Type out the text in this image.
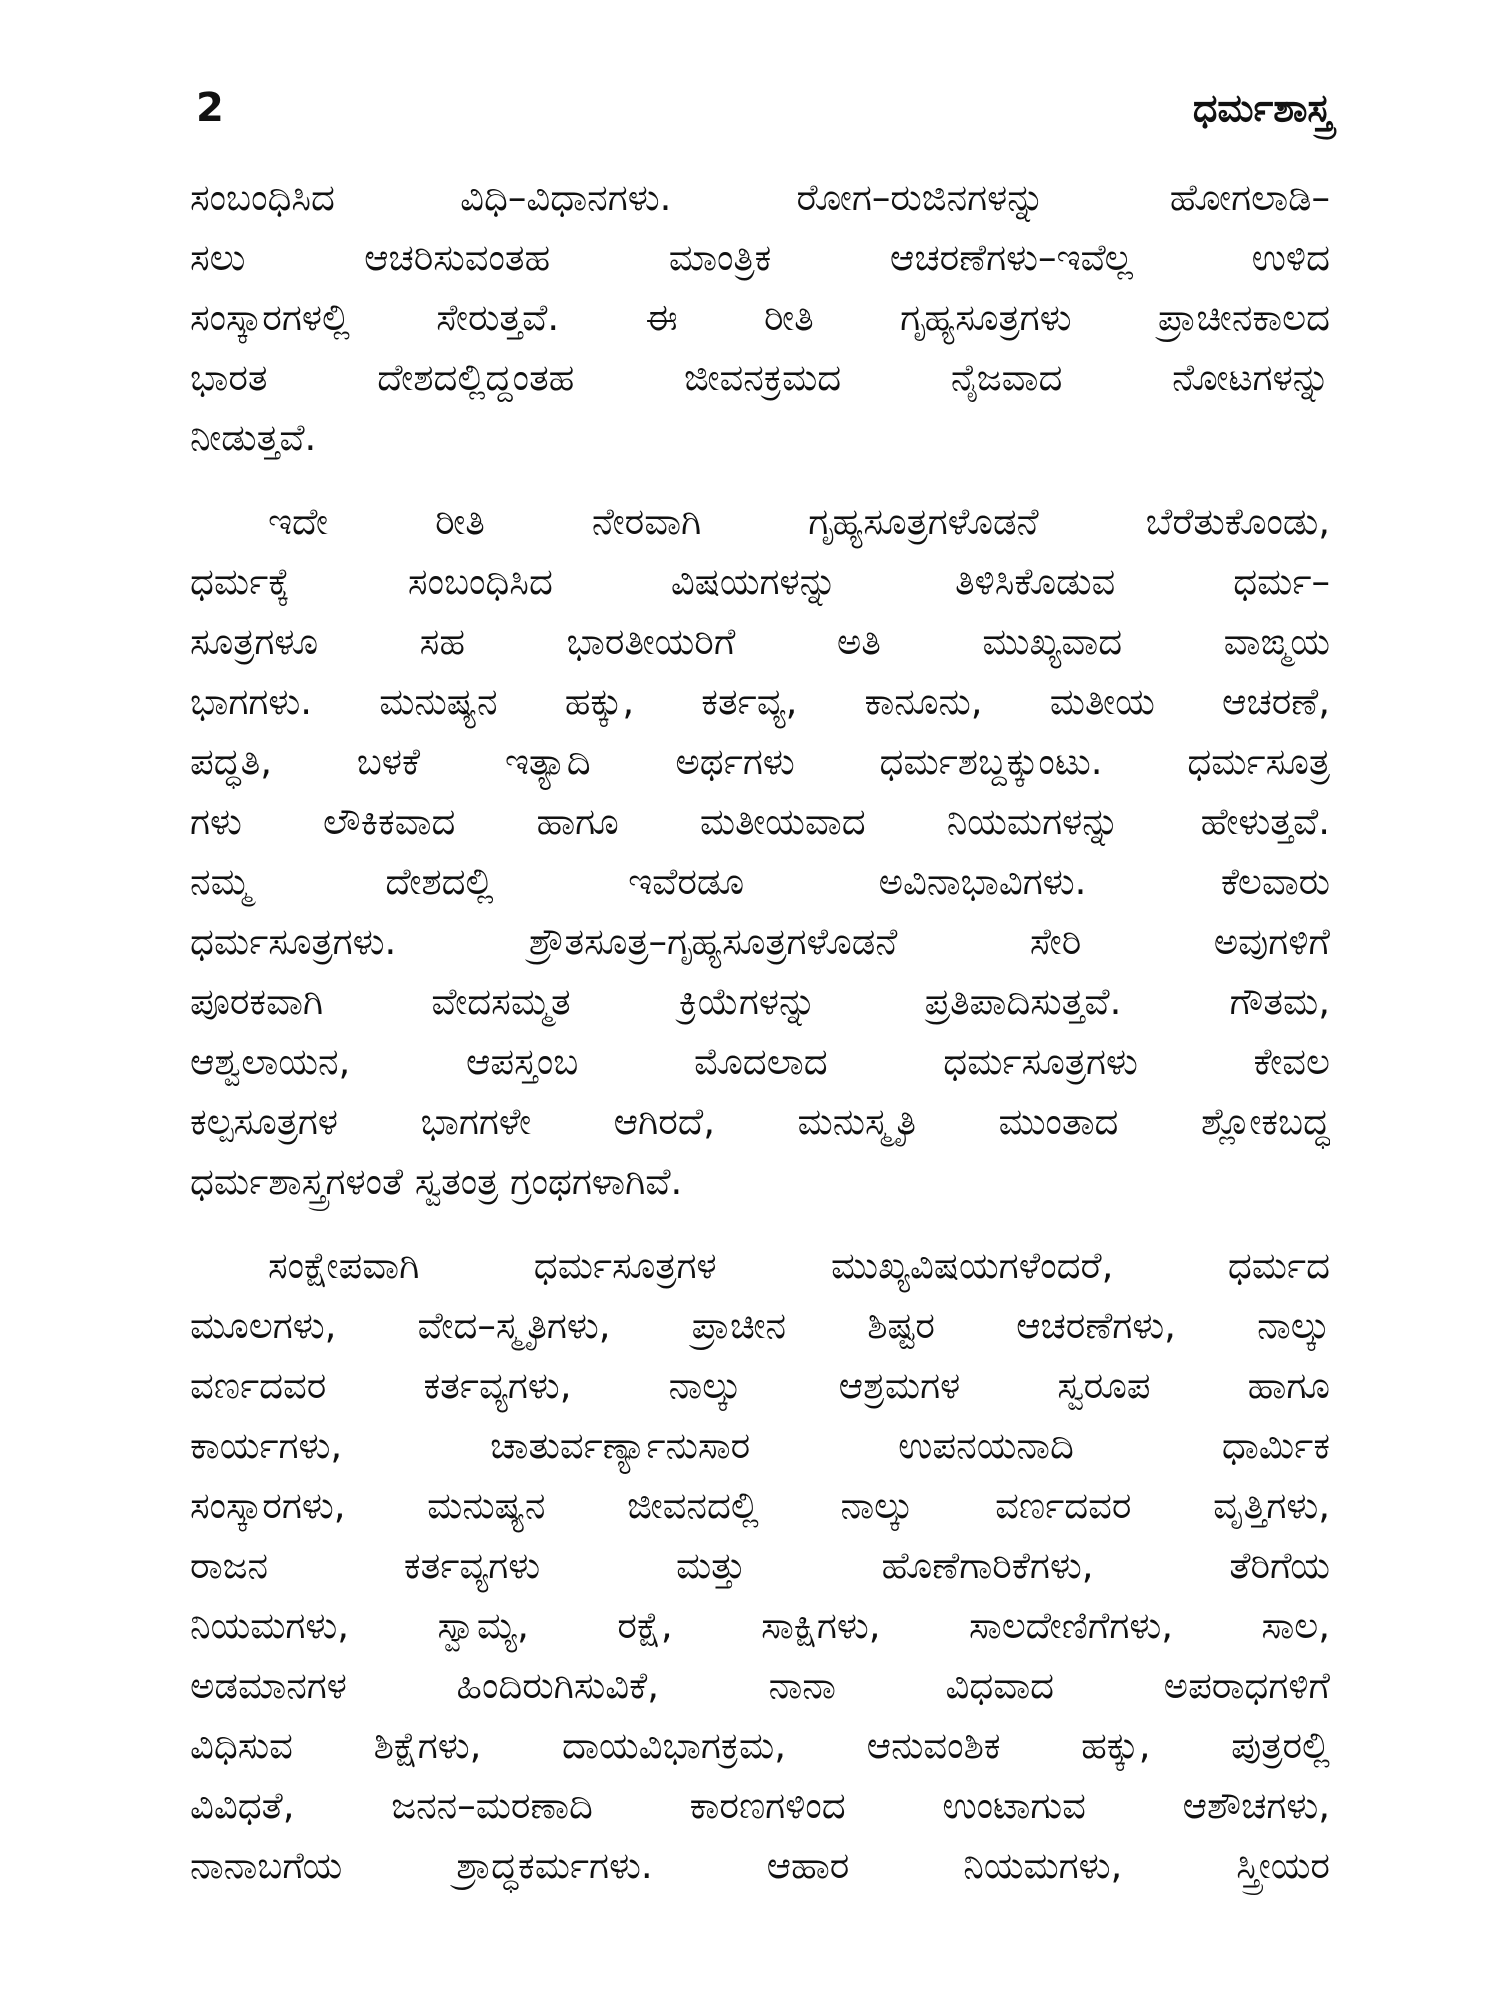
2	ಧರ್ಮಶಾಸ್ತ್ರ
ಸಂಬಂಧಿಸಿದ ವಿಧಿ–ವಿಧಾನಗಳು. ರೋಗ–ರುಜಿನಗಳನ್ನು ಹೋಗಲಾಡಿ–
ಸಲು ಆಚರಿಸುವಂತಹ ಮಾಂತ್ರಿಕ ಆಚರಣೆಗಳು–ಇವೆಲ್ಲ ಉಳಿದ
ಸಂಸ್ಕಾರಗಳಲ್ಲಿ ಸೇರುತ್ತವೆ. ಈ ರೀತಿ ಗೃಹ್ಯಸೂತ್ರಗಳು ಪ್ರಾಚೀನಕಾಲದ
ಭಾರತ ದೇಶದಲ್ಲಿದ್ದಂತಹ ಜೀವನಕ್ರಮದ ನೈಜವಾದ ನೋಟಗಳನ್ನು
ನೀಡುತ್ತವೆ.
ಇದೇ ರೀತಿ ನೇರವಾಗಿ ಗೃಹ್ಯಸೂತ್ರಗಳೊಡನೆ ಬೆರೆತುಕೊಂಡು,
ಧರ್ಮಕ್ಕೆ ಸಂಬಂಧಿಸಿದ ವಿಷಯಗಳನ್ನು ತಿಳಿಸಿಕೊಡುವ ಧರ್ಮ–
ಸೂತ್ರಗಳೂ ಸಹ ಭಾರತೀಯರಿಗೆ ಅತಿ ಮುಖ್ಯವಾದ ವಾಙ್ಮಯ
ಭಾಗಗಳು. ಮನುಷ್ಯನ ಹಕ್ಕು, ಕರ್ತವ್ಯ, ಕಾನೂನು, ಮತೀಯ ಆಚರಣೆ,
ಪದ್ಧತಿ, ಬಳಕೆ ಇತ್ಯಾದಿ ಅರ್ಥಗಳು ಧರ್ಮಶಬ್ದಕ್ಕುಂಟು. ಧರ್ಮಸೂತ್ರ
ಗಳು ಲೌಕಿಕವಾದ ಹಾಗೂ ಮತೀಯವಾದ ನಿಯಮಗಳನ್ನು ಹೇಳುತ್ತವೆ.
ನಮ್ಮ ದೇಶದಲ್ಲಿ ಇವೆರಡೂ ಅವಿನಾಭಾವಿಗಳು. ಕೆಲವಾರು
ಧರ್ಮಸೂತ್ರಗಳು. ಶ್ರೌತಸೂತ್ರ–ಗೃಹ್ಯಸೂತ್ರಗಳೊಡನೆ ಸೇರಿ ಅವುಗಳಿಗೆ
ಪೂರಕವಾಗಿ ವೇದಸಮ್ಮತ ಕ್ರಿಯೆಗಳನ್ನು ಪ್ರತಿಪಾದಿಸುತ್ತವೆ. ಗೌತಮ,
ಆಶ್ವಲಾಯನ, ಆಪಸ್ತಂಬ ಮೊದಲಾದ ಧರ್ಮಸೂತ್ರಗಳು ಕೇವಲ
ಕಲ್ಪಸೂತ್ರಗಳ ಭಾಗಗಳೇ ಆಗಿರದೆ, ಮನುಸ್ಮೃತಿ ಮುಂತಾದ ಶ್ಲೋಕಬದ್ಧ
ಧರ್ಮಶಾಸ್ತ್ರಗಳಂತೆ ಸ್ವತಂತ್ರ ಗ್ರಂಥಗಳಾಗಿವೆ.
ಸಂಕ್ಷೇಪವಾಗಿ ಧರ್ಮಸೂತ್ರಗಳ ಮುಖ್ಯವಿಷಯಗಳೆಂದರೆ, ಧರ್ಮದ
ಮೂಲಗಳು, ವೇದ–ಸ್ಮೃತಿಗಳು, ಪ್ರಾಚೀನ ಶಿಷ್ಟರ ಆಚರಣೆಗಳು, ನಾಲ್ಕು
ವರ್ಣದವರ ಕರ್ತವ್ಯಗಳು, ನಾಲ್ಕು ಆಶ್ರಮಗಳ ಸ್ವರೂಪ ಹಾಗೂ
ಕಾರ್ಯಗಳು, ಚಾತುರ್ವರ್ಣ್ಯಾನುಸಾರ ಉಪನಯನಾದಿ ಧಾರ್ಮಿಕ
ಸಂಸ್ಕಾರಗಳು, ಮನುಷ್ಯನ ಜೀವನದಲ್ಲಿ ನಾಲ್ಕು ವರ್ಣದವರ ವೃತ್ತಿಗಳು,
ರಾಜನ ಕರ್ತವ್ಯಗಳು ಮತ್ತು ಹೊಣೆಗಾರಿಕೆಗಳು, ತೆರಿಗೆಯ
ನಿಯಮಗಳು, ಸ್ವಾಮ್ಯ, ರಕ್ಷೆ, ಸಾಕ್ಷಿಗಳು, ಸಾಲದೇಣಿಗೆಗಳು, ಸಾಲ,
ಅಡಮಾನಗಳ ಹಿಂದಿರುಗಿಸುವಿಕೆ, ನಾನಾ ವಿಧವಾದ ಅಪರಾಧಗಳಿಗೆ
ವಿಧಿಸುವ ಶಿಕ್ಷೆಗಳು, ದಾಯವಿಭಾಗಕ್ರಮ, ಆನುವಂಶಿಕ ಹಕ್ಕು, ಪುತ್ರರಲ್ಲಿ
ವಿವಿಧತೆ, ಜನನ–ಮರಣಾದಿ ಕಾರಣಗಳಿಂದ ಉಂಟಾಗುವ ಆಶೌಚಗಳು,
ನಾನಾಬಗೆಯ ಶ್ರಾದ್ಧಕರ್ಮಗಳು. ಆಹಾರ ನಿಯಮಗಳು, ಸ್ತ್ರೀಯರ
